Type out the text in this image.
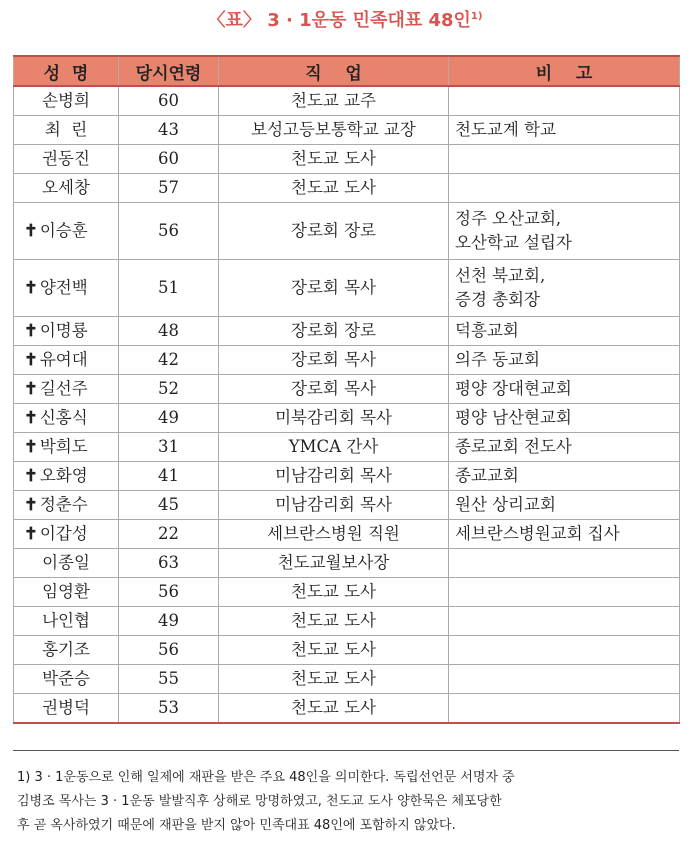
〈표〉 3 · 1운동 민족대표 48인$^{1)}$
성  명	당시연령	직    업	비    고
손병희	60	천도교 교주	
최  린	43	보성고등보통학교 교장	천도교계 학교

권동진	60	천도교 도사	
오세창	57	천도교 도사	
✝ 이승훈	56	장로회 장로	정주 오산교회,
오산학교 설립자

✝ 양전백	51	장로회 목사	선천 북교회,
증경 총회장

✝ 이명룡	48	장로회 장로	덕흥교회

✝ 유여대	42	장로회 목사	의주 동교회

✝ 길선주	52	장로회 목사	평양 장대현교회

✝ 신홍식	49	미북감리회 목사	평양 남산현교회

✝ 박희도	31	YMCA 간사	종로교회 전도사

✝ 오화영	41	미남감리회 목사	종교교회

✝ 정춘수	45	미남감리회 목사	원산 상리교회

✝ 이갑성	22	세브란스병원 직원	세브란스병원교회 집사

이종일	63	천도교월보사장	
임영환	56	천도교 도사	
나인협	49	천도교 도사	
홍기조	56	천도교 도사	
박준승	55	천도교 도사	
권병덕	53	천도교 도사	
1) 3 · 1운동으로 인해 일제에 재판을 받은 주요 48인을 의미한다. 독립선언문 서명자 중
김병조 목사는 3 · 1운동 발발직후 상해로 망명하였고, 천도교 도사 양한묵은 체포당한
후 곧 옥사하였기 때문에 재판을 받지 않아 민족대표 48인에 포함하지 않았다.
